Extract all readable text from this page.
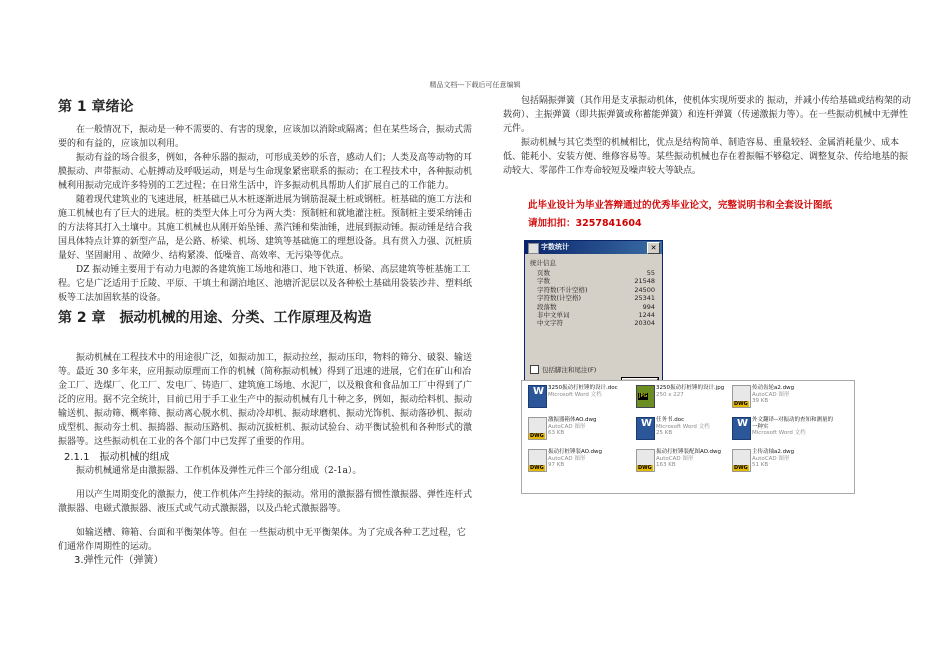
精品文档---下载后可任意编辑
第 1 章绪论

在一般情况下，振动是一种不需要的、有害的现象，应该加以消除或隔离；但在某些场合，振动式需要的和有益的，应该加以利用。

振动有益的场合很多，例如，各种乐器的振动，可形成美妙的乐音，感动人们；人类及高等动物的耳膜振动、声带振动、心脏搏动及呼吸运动，则是与生命现象紧密联系的振动；在工程技术中，各种振动机械利用振动完成许多特别的工艺过程；在日常生活中，许多振动机具帮助人们扩展自己的工作能力。

随着现代建筑业的飞速进展，桩基础已从木桩逐渐进展为钢筋混凝土桩或钢桩。桩基础的施工方法和施工机械也有了巨大的进展。桩的类型大体上可分为两大类：预制桩和就地灌注桩。预制桩主要采纳锤击的方法将其打入土壤中。其施工机械也从刚开始坠锤、蒸汽锤和柴油锤，进展到振动锤。振动锤是结合我国具体特点计算的新型产品，是公路、桥梁、机场、建筑等基础施工的理想设备。具有贯入力强、沉桩质量好、坚固耐用 、故障少、结构紧凑、低噪音、高效率、无污染等优点。

DZ 振动锤主要用于有动力电源的各建筑施工场地和港口、地下铁道、桥梁、高层建筑等桩基施工工程。它是广泛适用于丘陵、平原、干填土和湖泊地区、池塘沂泥层以及各种松土基础用袋装沙井、塑料纸板等工法加固软基的设备。

第 2 章　振动机械的用途、分类、工作原理及构造

振动机械在工程技术中的用途很广泛，如振动加工，振动拉丝，振动压印，物料的筛分、破裂、输送等。最近 30 多年来，应用振动原理而工作的机械（简称振动机械）得到了迅速的进展，它们在矿山和冶金工厂、选煤厂、化工厂、发电厂、铸造厂、建筑施工场地、水泥厂，以及粮食和食品加工厂中得到了广泛的应用。据不完全统计，目前已用于手工业生产中的振动机械有几十种之多，例如，振动给料机、振动输送机、振动筛、概率筛、振动离心脱水机、振动冷却机、振动球磨机、振动光饰机、振动落砂机、振动成型机、振动夯土机、振捣器、振动压路机、振动沉拔桩机、振动试验台、动平衡试验机和各种形式的激振器等。这些振动机在工业的各个部门中已发挥了重要的作用。

2.1.1　振动机械的组成

振动机械通常是由激振器、工作机体及弹性元件三个部分组成（2-1a）。

用以产生周期变化的激振力，使工作机体产生持续的振动。常用的激振器有惯性激振器、弹性连杆式激振器、电磁式激振器、液压式或气动式激振器，以及凸轮式激振器等。

如输送槽、筛箱、台面和平衡架体等。但在 一些振动机中无平衡架体。为了完成各种工艺过程，它们通常作周期性的运动。

3.弹性元件（弹簧）

包括隔振弹簧（其作用是支承振动机体，使机体实现所要求的 振动，并减小传给基础或结构架的动载荷）、主振弹簧（即共振弹簧或称蓄能弹簧）和连杆弹簧（传递激振力等）。在一些振动机械中无弹性元件。

振动机械与其它类型的机械相比，优点是结构简单、制造容易、重量较轻、金属消耗量少、成本低、能耗小、安装方便、维修容易等。某些振动机械也存在着振幅不够稳定、调整复杂、传给地基的振动较大、零部件工作寿命较短及噪声较大等缺点。

此毕业设计为毕业答辩通过的优秀毕业论文，完整说明书和全套设计图纸
请加扣扣：3257841604
字数统计	✕
统计信息
页数	55
字数	21548
字符数(不计空格)	24500
字符数(计空格)	25341
段落数	994
非中文单词	1244
中文字符	20304
包括脚注和尾注(F)
W
3250振动打桩锤的设计.doc
Microsoft Word 文档
JPG
3250振动打桩锤的设计.jpg
250 x 227
DWG
传动齿轮a2.dwg
AutoCAD 图形
39 KB
DWG
激振器箱体AO.dwg
AutoCAD 图形
63 KB
W
任务书.doc
Microsoft Word 文档
25 KB
W
外文翻译--对振动的查知和测量的一种实
Microsoft Word 文档
DWG
振动打桩锤装AO.dwg
AutoCAD 图形
97 KB
DWG
振动打桩锤装配图AO.dwg
AutoCAD 图形
163 KB
DWG
主传动轴a2.dwg
AutoCAD 图形
51 KB
